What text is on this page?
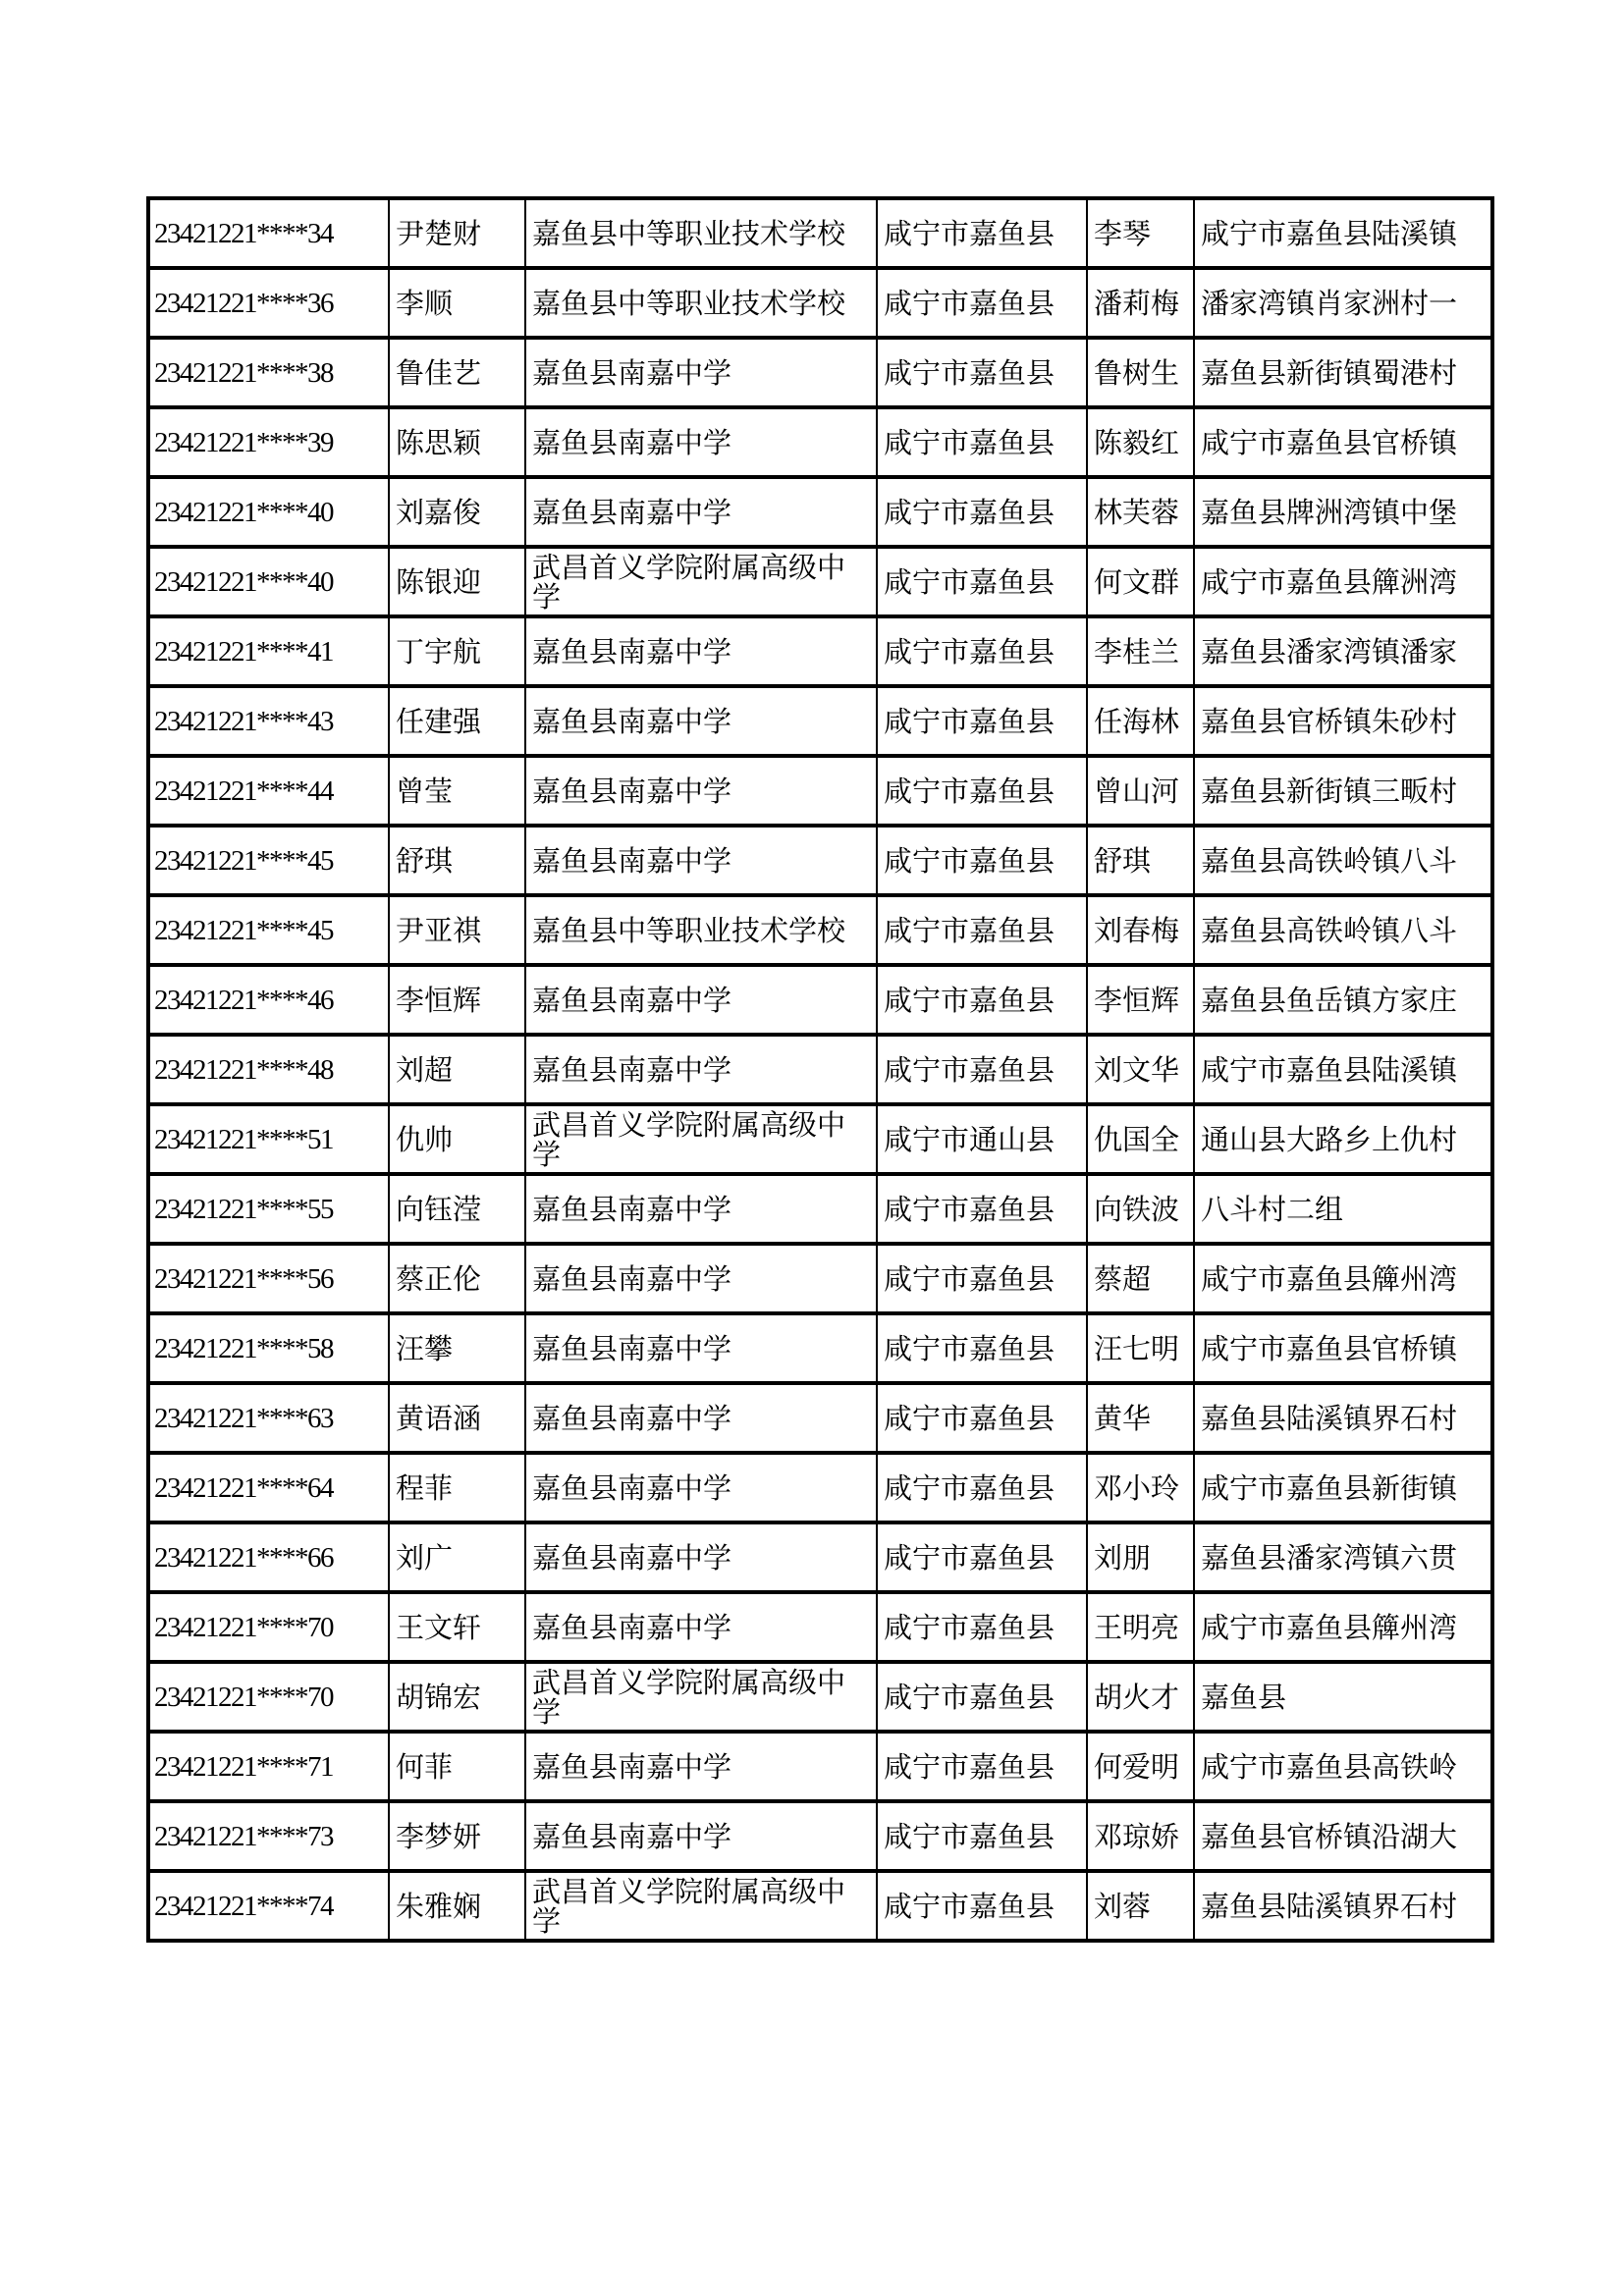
23421221****34	尹楚财	嘉鱼县中等职业技术学校	咸宁市嘉鱼县	李琴	咸宁市嘉鱼县陆溪镇
23421221****36	李顺	嘉鱼县中等职业技术学校	咸宁市嘉鱼县	潘莉梅	潘家湾镇肖家洲村一
23421221****38	鲁佳艺	嘉鱼县南嘉中学	咸宁市嘉鱼县	鲁树生	嘉鱼县新街镇蜀港村
23421221****39	陈思颖	嘉鱼县南嘉中学	咸宁市嘉鱼县	陈毅红	咸宁市嘉鱼县官桥镇
23421221****40	刘嘉俊	嘉鱼县南嘉中学	咸宁市嘉鱼县	林芙蓉	嘉鱼县牌洲湾镇中堡
23421221****40	陈银迎	武昌首义学院附属高级中学	咸宁市嘉鱼县	何文群	咸宁市嘉鱼县簰洲湾
23421221****41	丁宇航	嘉鱼县南嘉中学	咸宁市嘉鱼县	李桂兰	嘉鱼县潘家湾镇潘家
23421221****43	任建强	嘉鱼县南嘉中学	咸宁市嘉鱼县	任海林	嘉鱼县官桥镇朱砂村
23421221****44	曾莹	嘉鱼县南嘉中学	咸宁市嘉鱼县	曾山河	嘉鱼县新街镇三畈村
23421221****45	舒琪	嘉鱼县南嘉中学	咸宁市嘉鱼县	舒琪	嘉鱼县高铁岭镇八斗
23421221****45	尹亚祺	嘉鱼县中等职业技术学校	咸宁市嘉鱼县	刘春梅	嘉鱼县高铁岭镇八斗
23421221****46	李恒辉	嘉鱼县南嘉中学	咸宁市嘉鱼县	李恒辉	嘉鱼县鱼岳镇方家庄
23421221****48	刘超	嘉鱼县南嘉中学	咸宁市嘉鱼县	刘文华	咸宁市嘉鱼县陆溪镇
23421221****51	仇帅	武昌首义学院附属高级中学	咸宁市通山县	仇国全	通山县大路乡上仇村
23421221****55	向钰滢	嘉鱼县南嘉中学	咸宁市嘉鱼县	向铁波	八斗村二组
23421221****56	蔡正伦	嘉鱼县南嘉中学	咸宁市嘉鱼县	蔡超	咸宁市嘉鱼县簰州湾
23421221****58	汪攀	嘉鱼县南嘉中学	咸宁市嘉鱼县	汪七明	咸宁市嘉鱼县官桥镇
23421221****63	黄语涵	嘉鱼县南嘉中学	咸宁市嘉鱼县	黄华	嘉鱼县陆溪镇界石村
23421221****64	程菲	嘉鱼县南嘉中学	咸宁市嘉鱼县	邓小玲	咸宁市嘉鱼县新街镇
23421221****66	刘广	嘉鱼县南嘉中学	咸宁市嘉鱼县	刘朋	嘉鱼县潘家湾镇六贯
23421221****70	王文轩	嘉鱼县南嘉中学	咸宁市嘉鱼县	王明亮	咸宁市嘉鱼县簰州湾
23421221****70	胡锦宏	武昌首义学院附属高级中学	咸宁市嘉鱼县	胡火才	嘉鱼县
23421221****71	何菲	嘉鱼县南嘉中学	咸宁市嘉鱼县	何爱明	咸宁市嘉鱼县高铁岭
23421221****73	李梦妍	嘉鱼县南嘉中学	咸宁市嘉鱼县	邓琼娇	嘉鱼县官桥镇沿湖大
23421221****74	朱雅娴	武昌首义学院附属高级中学	咸宁市嘉鱼县	刘蓉	嘉鱼县陆溪镇界石村
